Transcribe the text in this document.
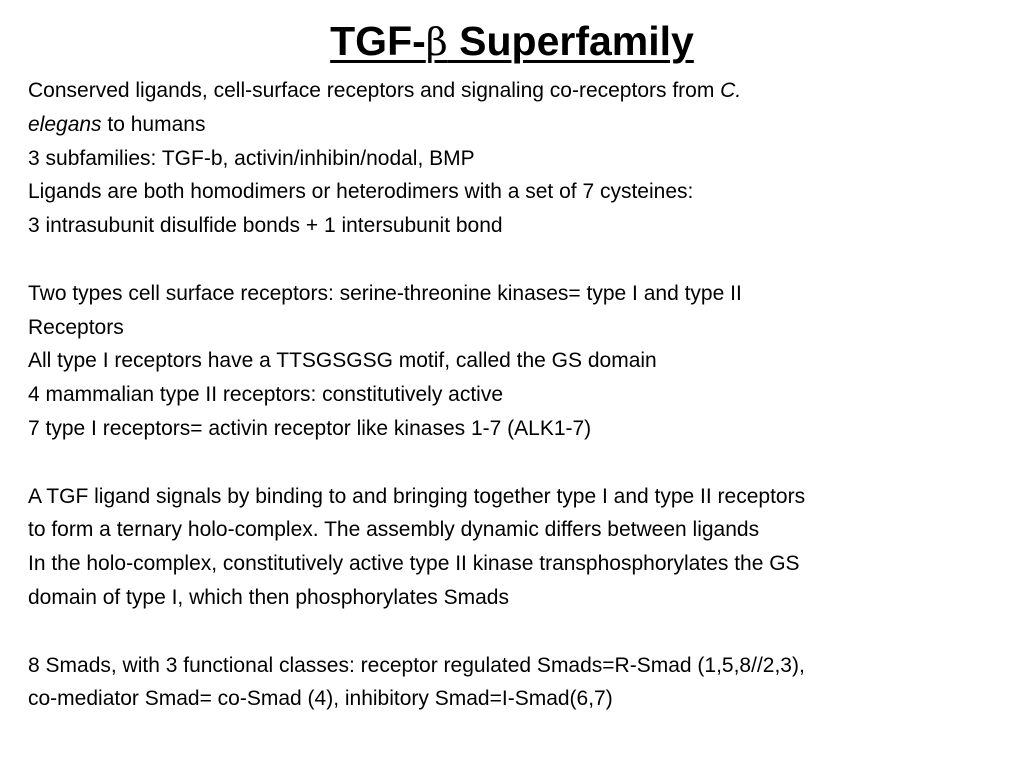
TGF-β Superfamily
Conserved ligands, cell-surface receptors and signaling co-receptors from C.
elegans to humans
3 subfamilies: TGF-b, activin/inhibin/nodal, BMP
Ligands are both homodimers or heterodimers with a set of 7 cysteines:
3 intrasubunit disulfide bonds + 1 intersubunit bond
Two types cell surface receptors: serine-threonine kinases= type I and type II
Receptors
All type I receptors have a TTSGSGSG motif, called the GS domain
4 mammalian type II receptors: constitutively active
7 type I receptors= activin receptor like kinases 1-7 (ALK1-7)
A TGF ligand signals by binding to and bringing together type I and type II receptors
to form a ternary holo-complex. The assembly dynamic differs between ligands
In the holo-complex, constitutively active type II kinase transphosphorylates the GS
domain of type I, which then phosphorylates Smads
8 Smads, with 3 functional classes: receptor regulated Smads=R-Smad (1,5,8//2,3),
co-mediator Smad= co-Smad (4), inhibitory Smad=I-Smad(6,7)
